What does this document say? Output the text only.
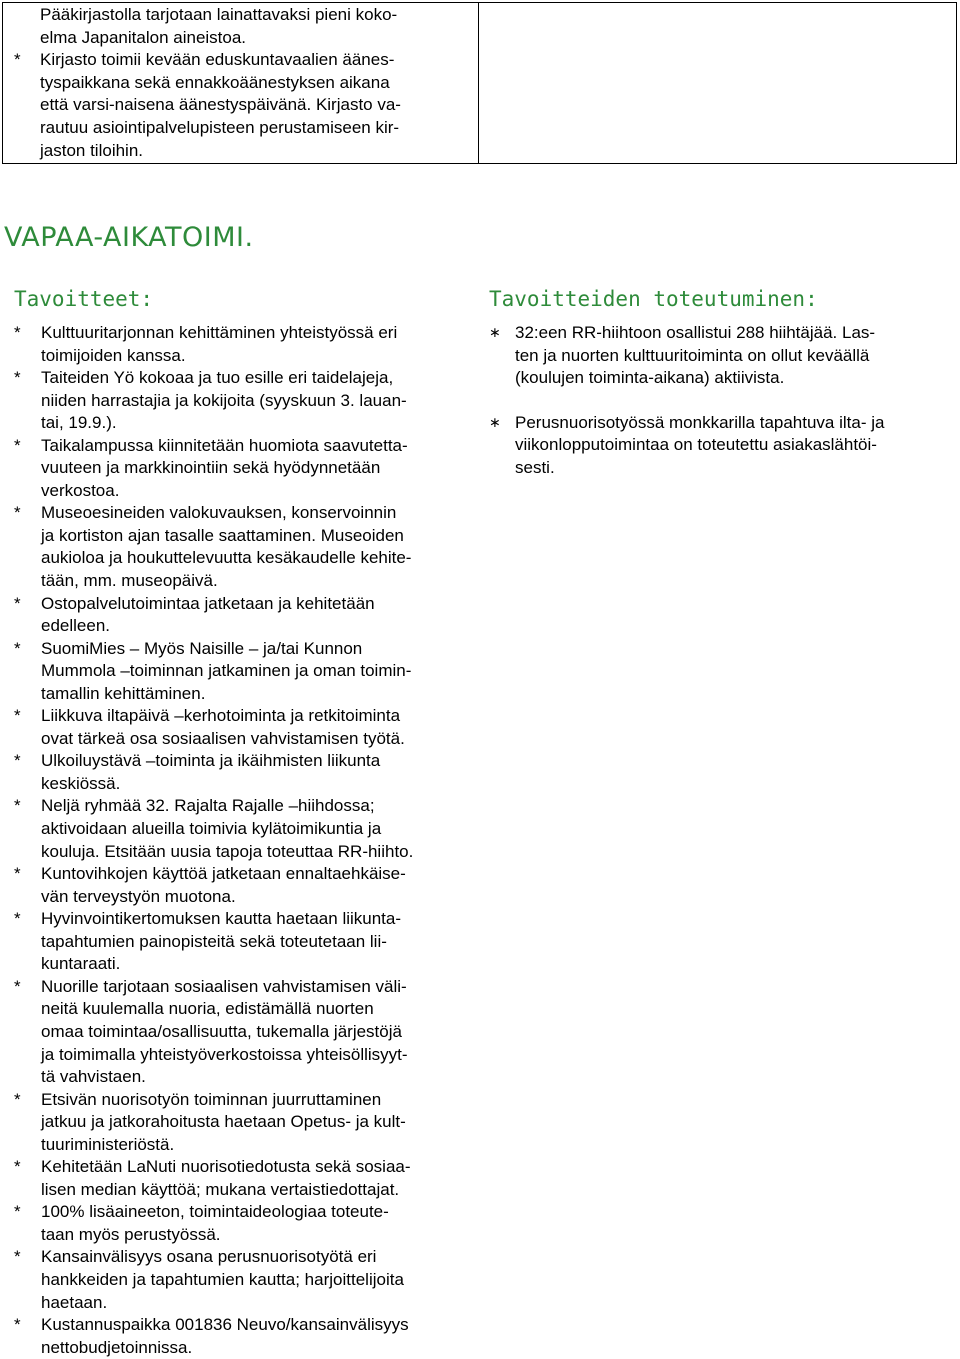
Pääkirjastolla tarjotaan lainattavaksi pieni koko-
elma Japanitalon aineistoa.
* Kirjasto toimii kevään eduskuntavaalien äänes-
tyspaikkana sekä ennakkoäänestyksen aikana
että varsi-naisena äänestyspäivänä. Kirjasto va-
rautuu asiointipalvelupisteen perustamiseen kir-
jaston tiloihin.
VAPAA-AIKATOIMI.
Tavoitteet:	Tavoitteiden toteutuminen:
* Kulttuuritarjonnan kehittäminen yhteistyössä eri
toimijoiden kanssa.
* Taiteiden Yö kokoaa ja tuo esille eri taidelajeja,
niiden harrastajia ja kokijoita (syyskuun 3. lauan-
tai, 19.9.).
* Taikalampussa kiinnitetään huomiota saavutetta-
vuuteen ja markkinointiin sekä hyödynnetään
verkostoa.
* Museoesineiden valokuvauksen, konservoinnin
ja kortiston ajan tasalle saattaminen. Museoiden
aukioloa ja houkuttelevuutta kesäkaudelle kehite-
tään, mm. museopäivä.
* Ostopalvelutoimintaa jatketaan ja kehitetään
edelleen.
* SuomiMies – Myös Naisille – ja/tai Kunnon
Mummola –toiminnan jatkaminen ja oman toimin-
tamallin kehittäminen.
* Liikkuva iltapäivä –kerhotoiminta ja retkitoiminta
ovat tärkeä osa sosiaalisen vahvistamisen työtä.
* Ulkoiluystävä –toiminta ja ikäihmisten liikunta
keskiössä.
* Neljä ryhmää 32. Rajalta Rajalle –hiihdossa;
aktivoidaan alueilla toimivia kylätoimikuntia ja
kouluja. Etsitään uusia tapoja toteuttaa RR-hiihto.
* Kuntovihkojen käyttöä jatketaan ennaltaehkäise-
vän terveystyön muotona.
* Hyvinvointikertomuksen kautta haetaan liikunta-
tapahtumien painopisteitä sekä toteutetaan lii-
kuntaraati.
* Nuorille tarjotaan sosiaalisen vahvistamisen väli-
neitä kuulemalla nuoria, edistämällä nuorten
omaa toimintaa/osallisuutta, tukemalla järjestöjä
ja toimimalla yhteistyöverkostoissa yhteisöllisyyt-
tä vahvistaen.
* Etsivän nuorisotyön toiminnan juurruttaminen
jatkuu ja jatkorahoitusta haetaan Opetus- ja kult-
tuuriministeriöstä.
* Kehitetään LaNuti nuorisotiedotusta sekä sosiaa-
lisen median käyttöä; mukana vertaistiedottajat.
* 100% lisäaineeton, toimintaideologiaa toteute-
taan myös perustyössä.
* Kansainvälisyys osana perusnuorisotyötä eri
hankkeiden ja tapahtumien kautta; harjoittelijoita
haetaan.
* Kustannuspaikka 001836 Neuvo/kansainvälisyys
nettobudjetoinnissa.
∗ 32:een RR-hiihtoon osallistui 288 hiihtäjää. Las-
ten ja nuorten kulttuuritoiminta on ollut keväällä
(koulujen toiminta-aikana) aktiivista.
∗ Perusnuorisotyössä monkkarilla tapahtuva ilta- ja
viikonlopputoimintaa on toteutettu asiakaslähtöi-
sesti.
